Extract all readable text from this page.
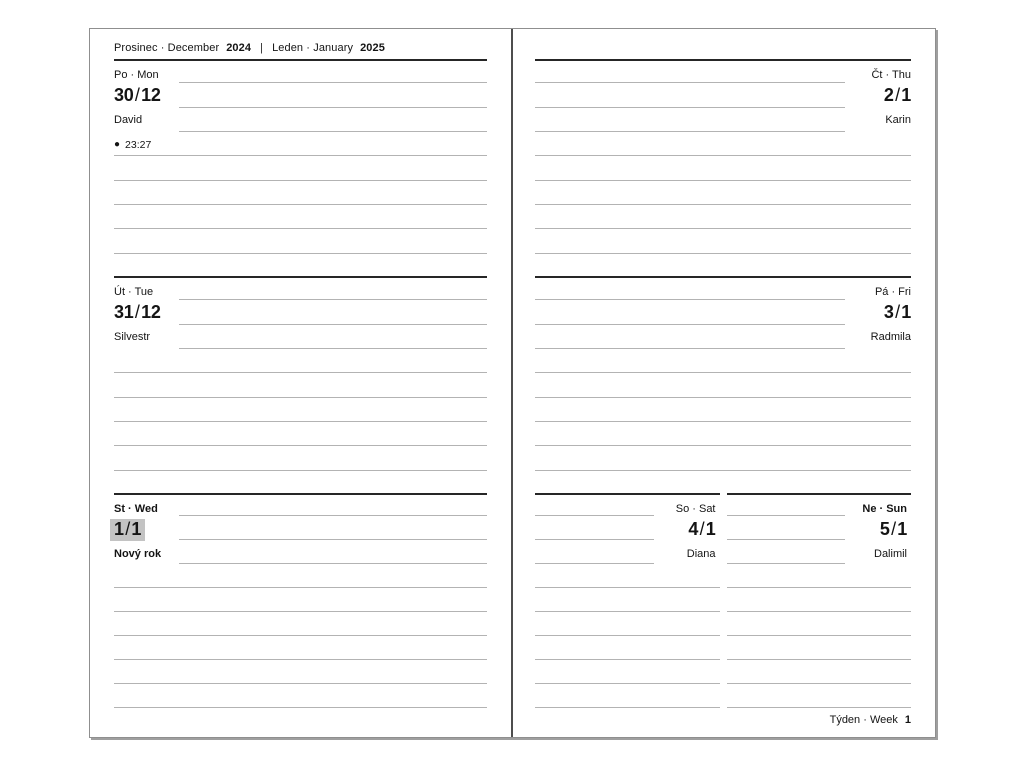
Prosinec · December 2024 | Leden · January 2025
Po · Mon
30/12
David
● 23:27
Út · Tue
31/12
Silvestr
St · Wed
1/1
Nový rok
Čt · Thu
2/1
Karin
Pá · Fri
3/1
Radmila
So · Sat
4/1
Diana
Ne · Sun
5/1
Dalimil
Týden · Week 1
